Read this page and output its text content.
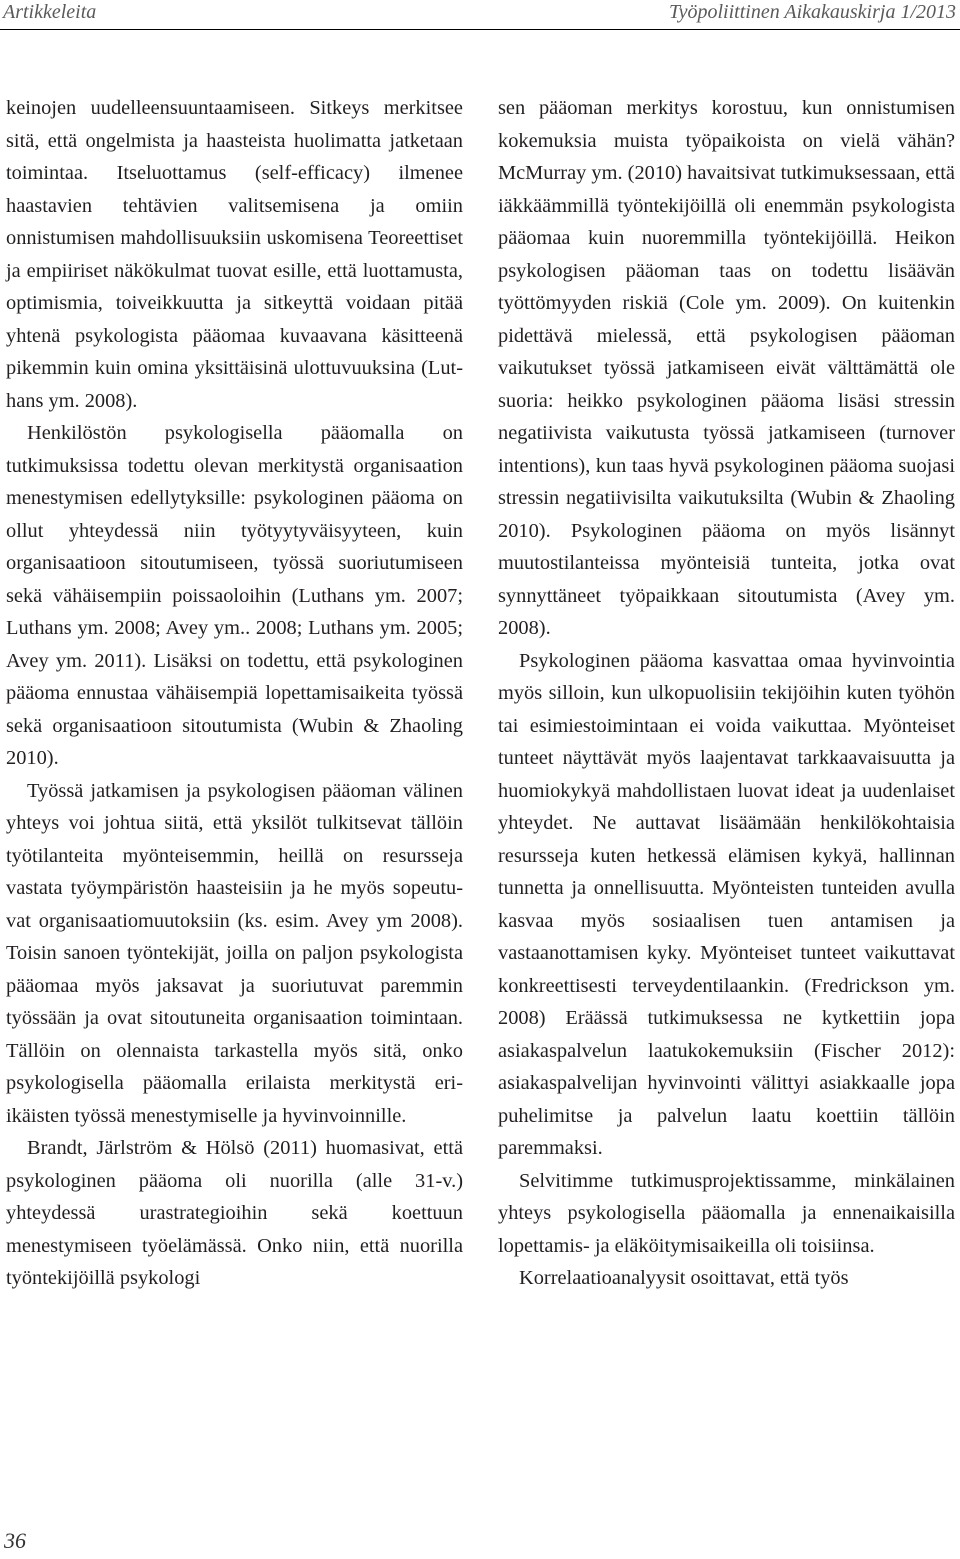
Artikkeleita	Työpoliittinen Aikakauskirja 1/2013

keinojen uudelleensuuntaamiseen. Sitkeys merkitsee sitä, että ongelmista ja haasteista huolimatta jatketaan toimintaa. Itseluottamus (self-efficacy) ilmenee haastavien tehtävien valitsemisena ja omiin onnistumisen mahdollisuuksiin uskomisena Teoreettiset ja empiiriset näkökulmat tuovat esille, että luottamusta, optimismia, toiveikkuutta ja sitkeyttä voidaan pitää yhtenä psykologista pääomaa kuvaavana käsitteenä pikemmin kuin omina yksittäisinä ulottuvuuksina (Luthans ym. 2008).

Henkilöstön psykologisella pääomalla on tutkimuksissa todettu olevan merkitystä organisaation menestymisen edellytyksille: psykologinen pääoma on ollut yhteydessä niin työtyytyväisyyteen, kuin organisaatioon sitoutumiseen, työssä suoriutumiseen sekä vähäisempiin poissaoloihin (Luthans ym. 2007; Luthans ym. 2008; Avey ym.. 2008; Luthans ym. 2005; Avey ym. 2011). Lisäksi on todettu, että psykologinen pääoma ennustaa vähäisempiä lopettamisaikeita työssä sekä organisaatioon sitoutumista (Wubin & Zhaoling 2010).

Työssä jatkamisen ja psykologisen pääoman välinen yhteys voi johtua siitä, että yksilöt tulkitsevat tällöin työtilanteita myönteisemmin, heillä on resursseja vastata työympäristön haasteisiin ja he myös sopeutuvat organisaatiomuutoksiin (ks. esim. Avey ym 2008). Toisin sanoen työntekijät, joilla on paljon psykologista pääomaa myös jaksavat ja suoriutuvat paremmin työssään ja ovat sitoutuneita organisaation toimintaan. Tällöin on olennaista tarkastella myös sitä, onko psykologisella pääomalla erilaista merkitystä eri-ikäisten työssä menestymiselle ja hyvinvoinnille.

Brandt, Järlström & Hölsö (2011) huomasivat, että psykologinen pääoma oli nuorilla (alle 31-v.) yhteydessä urastrategioihin sekä koettuun menestymiseen työelämässä. Onko niin, että nuorilla työntekijöillä psykologi

sen pääoman merkitys korostuu, kun onnistumisen kokemuksia muista työpaikoista on vielä vähän? McMurray ym. (2010) havaitsivat tutkimuksessaan, että iäkkäämmillä työntekijöillä oli enemmän psykologista pääomaa kuin nuoremmilla työntekijöillä. Heikon psykologisen pääoman taas on todettu lisäävän työttömyyden riskiä (Cole ym. 2009). On kuitenkin pidettävä mielessä, että psykologisen pääoman vaikutukset työssä jatkamiseen eivät välttämättä ole suoria: heikko psykologinen pääoma lisäsi stressin negatiivista vaikutusta työssä jatkamiseen (turnover intentions), kun taas hyvä psykologinen pääoma suojasi stressin negatiivisilta vaikutuksilta (Wubin & Zhaoling 2010). Psykologinen pääoma on myös lisännyt muutostilanteissa myönteisiä tunteita, jotka ovat synnyttäneet työpaikkaan sitoutumista (Avey ym. 2008).

Psykologinen pääoma kasvattaa omaa hyvinvointia myös silloin, kun ulkopuolisiin tekijöihin kuten työhön tai esimiestoimintaan ei voida vaikuttaa. Myönteiset tunteet näyttävät myös laajentavat tarkkaavaisuutta ja huomiokykyä mahdollistaen luovat ideat ja uudenlaiset yhteydet. Ne auttavat lisäämään henkilökohtaisia resursseja kuten hetkessä elämisen kykyä, hallinnan tunnetta ja onnellisuutta. Myönteisten tunteiden avulla kasvaa myös sosiaalisen tuen antamisen ja vastaanottamisen kyky. Myönteiset tunteet vaikuttavat konkreettisesti terveydentilaankin. (Fredrickson ym. 2008) Eräässä tutkimuksessa ne kytkettiin jopa asiakaspalvelun laatukokemuksiin (Fischer 2012): asiakaspalvelijan hyvinvointi välittyi asiakkaalle jopa puhelimitse ja palvelun laatu koettiin tällöin paremmaksi.

Selvitimme tutkimusprojektissamme, minkälainen yhteys psykologisella pääomalla ja ennenaikaisilla lopettamis- ja eläköitymisaikeilla oli toisiinsa.

Korrelaatioanalyysit osoittavat, että työs

36
